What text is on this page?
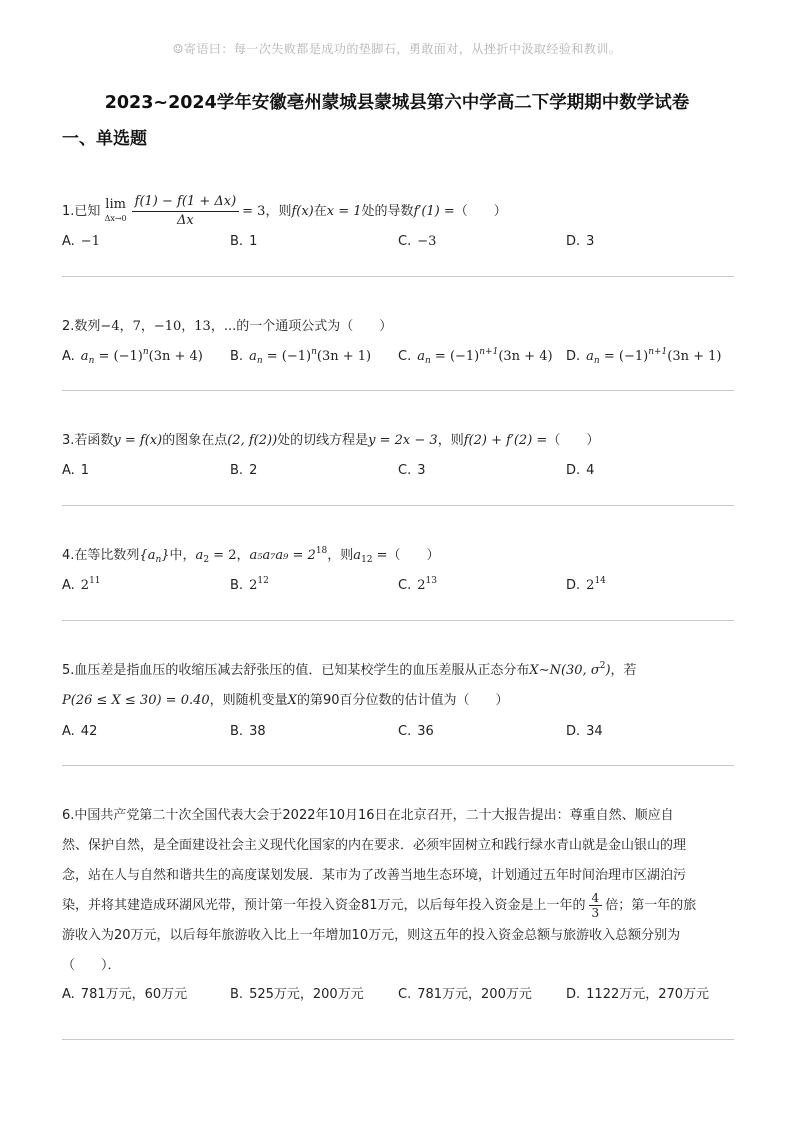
☺寄语曰：每一次失败都是成功的垫脚石，勇敢面对，从挫折中汲取经验和教训。
2023~2024学年安徽亳州蒙城县蒙城县第六中学高二下学期期中数学试卷
一、单选题
1.已知 lim
$\Delta x\to 0 \frac{f(1) - f(1 + \Delta x)}{\Delta x} = 3$，则f(x)在x = 1处的导数f′(1) =（　　）
A. −1	B. 1	C. −3	D. 3
2.数列−4，7，−10，13，...的一个通项公式为（　　）
A. $a_n = (-1)^n(3n + 4)$ B. $a_n = (-1)^n(3n + 1)$ C. $a_n = (-1)^{n+1}(3n + 4)$ D. $a_n = (-1)^{n+1}(3n + 1)$
3.若函数y = f(x)的图象在点(2, f(2))处的切线方程是y = 2x − 3，则f(2) + f′(2) =（　　）
A. 1	B. 2	C. 3	D. 4
4.在等比数列$\{a_n\}$中，$a_2 = 2$，$a_5a_7a_9 = 2^{18}$，则$a_{12}$ =（　　）
A. $2^{11}$	B. $2^{12}$	C. $2^{13}$	D. $2^{14}$
5.血压差是指血压的收缩压减去舒张压的值．已知某校学生的血压差服从正态分布X∼N(30, $\sigma^2$)，若
P(26 ≤ X ≤ 30) = 0.40，则随机变量X的第90百分位数的估计值为（　　）
A. 42	B. 38	C. 36	D. 34
6.中国共产党第二十次全国代表大会于2022年10月16日在北京召开，二十大报告提出：尊重自然、顺应自
然、保护自然，是全面建设社会主义现代化国家的内在要求．必须牢固树立和践行绿水青山就是金山银山的理
念，站在人与自然和谐共生的高度谋划发展．某市为了改善当地生态环境，计划通过五年时间治理市区湖泊污
染，并将其建造成环湖风光带，预计第一年投入资金81万元，以后每年投入资金是上一年的 $\frac{4}{3}$ 倍；第一年的旅
游收入为20万元，以后每年旅游收入比上一年增加10万元，则这五年的投入资金总额与旅游收入总额分别为
（　　）．
A. 781万元，60万元	B. 525万元，200万元	C. 781万元，200万元	D. 1122万元，270万元
